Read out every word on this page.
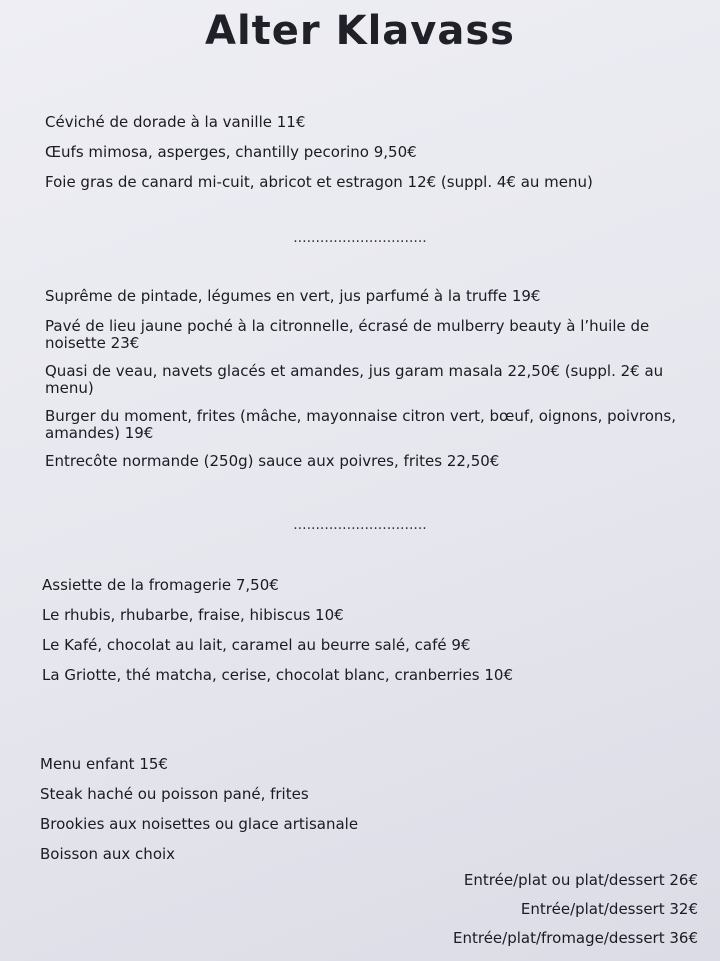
Alter Klavass
Céviché de dorade à la vanille 11€
Œufs mimosa, asperges, chantilly pecorino 9,50€
Foie gras de canard mi-cuit, abricot et estragon 12€ (suppl. 4€ au menu)
..............................
Suprême de pintade, légumes en vert, jus parfumé à la truffe 19€
Pavé de lieu jaune poché à la citronnelle, écrasé de mulberry beauty à l’huile de noisette 23€
Quasi de veau, navets glacés et amandes, jus garam masala 22,50€ (suppl. 2€ au menu)
Burger du moment, frites (mâche, mayonnaise citron vert, bœuf, oignons, poivrons, amandes) 19€
Entrecôte normande (250g) sauce aux poivres, frites 22,50€
..............................
Assiette de la fromagerie 7,50€
Le rhubis, rhubarbe, fraise, hibiscus 10€
Le Kafé, chocolat au lait, caramel au beurre salé, café 9€
La Griotte, thé matcha, cerise, chocolat blanc, cranberries 10€
Menu enfant 15€
Steak haché ou poisson pané, frites
Brookies aux noisettes ou glace artisanale
Boisson aux choix
Entrée/plat ou plat/dessert 26€
Entrée/plat/dessert 32€
Entrée/plat/fromage/dessert 36€
